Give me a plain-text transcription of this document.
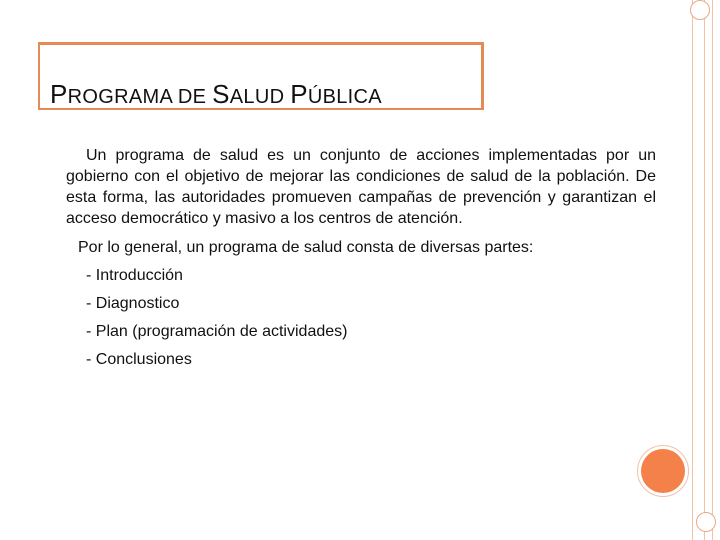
PROGRAMA DE SALUD PÚBLICA

Un programa de salud es un conjunto de acciones implementadas por un gobierno con el objetivo de mejorar las condiciones de salud de la población. De esta forma, las autoridades promueven campañas de prevención y garantizan el acceso democrático y masivo a los centros de atención.

Por lo general, un programa de salud consta de diversas partes:
- Introducción
- Diagnostico
- Plan (programación de actividades)
- Conclusiones
